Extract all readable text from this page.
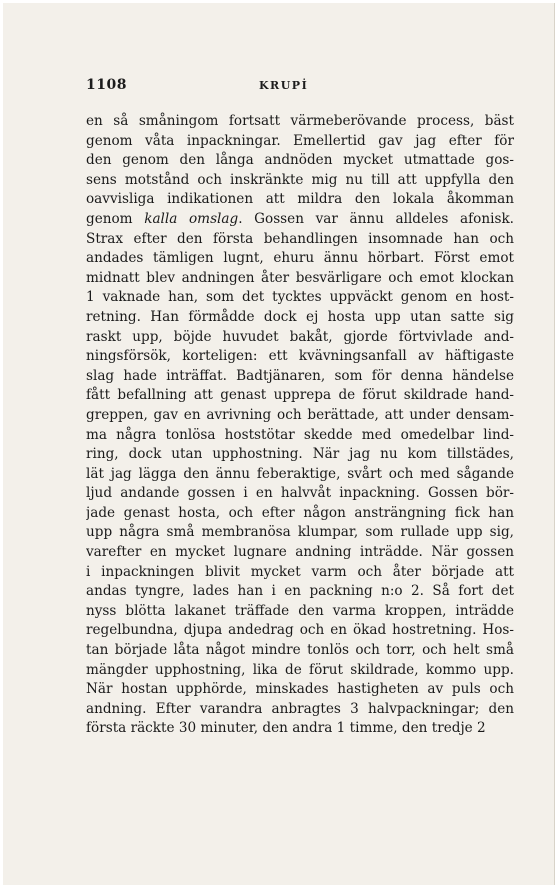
1108	KRUPİ
en så småningom fortsatt värmeberövande process, bäst
genom våta inpackningar. Emellertid gav jag efter för
den genom den långa andnöden mycket utmattade gos-
sens motstånd och inskränkte mig nu till att uppfylla den
oavvisliga indikationen att mildra den lokala åkomman
genom kalla omslag. Gossen var ännu alldeles afonisk.
Strax efter den första behandlingen insomnade han och
andades tämligen lugnt, ehuru ännu hörbart. Först emot
midnatt blev andningen åter besvärligare och emot klockan
1 vaknade han, som det tycktes uppväckt genom en host-
retning. Han förmådde dock ej hosta upp utan satte sig
raskt upp, böjde huvudet bakåt, gjorde förtvivlade and-
ningsförsök, korteligen: ett kvävningsanfall av häftigaste
slag hade inträffat. Badtjänaren, som för denna händelse
fått befallning att genast upprepa de förut skildrade hand-
greppen, gav en avrivning och berättade, att under densam-
ma några tonlösa hoststötar skedde med omedelbar lind-
ring, dock utan upphostning. När jag nu kom tillstädes,
lät jag lägga den ännu feberaktige, svårt och med sågande
ljud andande gossen i en halvvåt inpackning. Gossen bör-
jade genast hosta, och efter någon ansträngning fick han
upp några små membranösa klumpar, som rullade upp sig,
varefter en mycket lugnare andning inträdde. När gossen
i inpackningen blivit mycket varm och åter började att
andas tyngre, lades han i en packning n:o 2. Så fort det
nyss blötta lakanet träffade den varma kroppen, inträdde
regelbundna, djupa andedrag och en ökad hostretning. Hos-
tan började låta något mindre tonlös och torr, och helt små
mängder upphostning, lika de förut skildrade, kommo upp.
När hostan upphörde, minskades hastigheten av puls och
andning. Efter varandra anbragtes 3 halvpackningar; den
första räckte 30 minuter, den andra 1 timme, den tredje 2
